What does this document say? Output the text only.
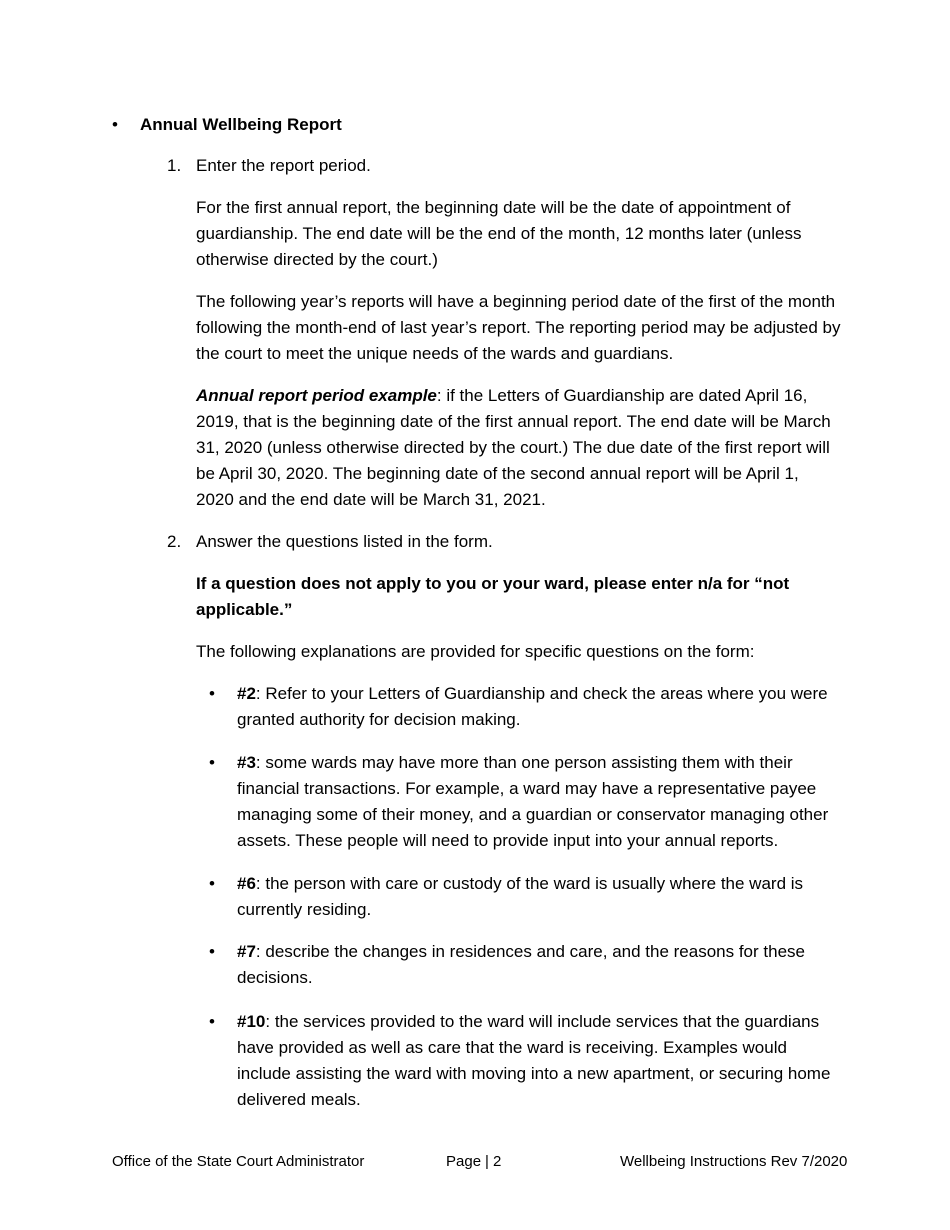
• Annual Wellbeing Report
1. Enter the report period.

For the first annual report, the beginning date will be the date of appointment of guardianship. The end date will be the end of the month, 12 months later (unless otherwise directed by the court.)

The following year’s reports will have a beginning period date of the first of the month following the month-end of last year’s report. The reporting period may be adjusted by the court to meet the unique needs of the wards and guardians.

Annual report period example: if the Letters of Guardianship are dated April 16, 2019, that is the beginning date of the first annual report. The end date will be March 31, 2020 (unless otherwise directed by the court.) The due date of the first report will be April 30, 2020. The beginning date of the second annual report will be April 1, 2020 and the end date will be March 31, 2021.

2. Answer the questions listed in the form.

If a question does not apply to you or your ward, please enter n/a for “not applicable.”

The following explanations are provided for specific questions on the form:

• #2: Refer to your Letters of Guardianship and check the areas where you were granted authority for decision making.

• #3: some wards may have more than one person assisting them with their financial transactions. For example, a ward may have a representative payee managing some of their money, and a guardian or conservator managing other assets. These people will need to provide input into your annual reports.

• #6: the person with care or custody of the ward is usually where the ward is currently residing.

• #7: describe the changes in residences and care, and the reasons for these decisions.

• #10: the services provided to the ward will include services that the guardians have provided as well as care that the ward is receiving. Examples would include assisting the ward with moving into a new apartment, or securing home delivered meals.

Office of the State Court Administrator	Page | 2	Wellbeing Instructions Rev 7/2020
